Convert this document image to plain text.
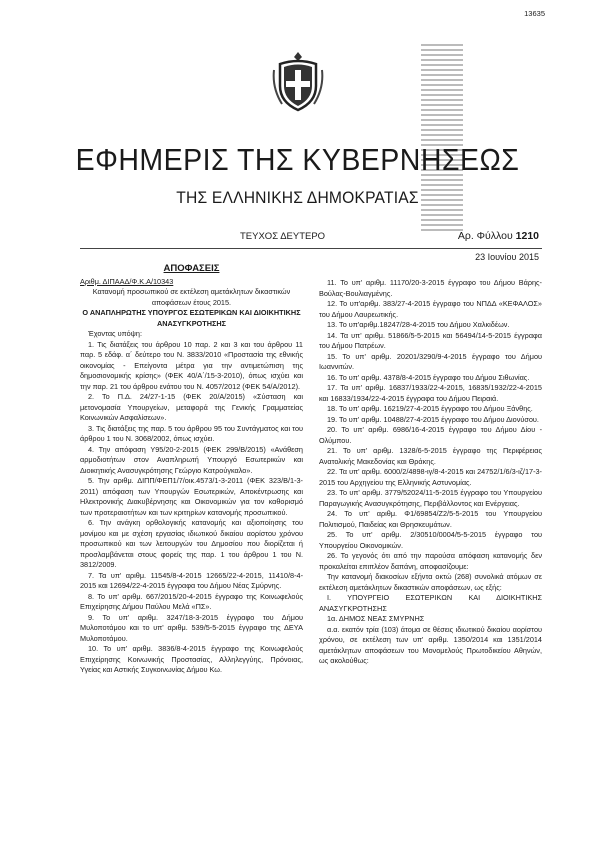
13635
ΕΦΗΜΕΡΙΣ ΤΗΣ ΚΥΒΕΡΝΗΣΕΩΣ
ΤΗΣ ΕΛΛΗΝΙΚΗΣ ΔΗΜΟΚΡΑΤΙΑΣ
ΤΕΥΧΟΣ ΔΕΥΤΕΡΟ	Αρ. Φύλλου 1210
23 Ιουνίου 2015

ΑΠΟΦΑΣΕΙΣ

Αριθμ. ΔΙΠΑΑΔ/Φ.Κ.Α/10343

Κατανομή προσωπικού σε εκτέλεση αμετάκλητων δικαστικών αποφάσεων έτους 2015.

Ο ΑΝΑΠΛΗΡΩΤΗΣ ΥΠΟΥΡΓΟΣ ΕΣΩΤΕΡΙΚΩΝ ΚΑΙ ΔΙΟΙΚΗΤΙΚΗΣ ΑΝΑΣΥΓΚΡΟΤΗΣΗΣ

Έχοντας υπόψη:

1. Τις διατάξεις του άρθρου 10 παρ. 2 και 3 και του άρθρου 11 παρ. 5 εδάφ. α΄ δεύτερο του Ν. 3833/2010 «Προστασία της εθνικής οικονομίας - Επείγοντα μέτρα για την αντιμετώπιση της δημοσιονομικής κρίσης» (ΦΕΚ 40/Α΄/15-3-2010), όπως ισχύει και την παρ. 21 του άρθρου ενάτου του Ν. 4057/2012 (ΦΕΚ 54/Α/2012).

2. Το Π.Δ. 24/27-1-15 (ΦΕΚ 20/Α/2015) «Σύσταση και μετονομασία Υπουργείων, μεταφορά της Γενικής Γραμματείας Κοινωνικών Ασφαλίσεων».

3. Τις διατάξεις της παρ. 5 του άρθρου 95 του Συντάγματος και του άρθρου 1 του Ν. 3068/2002, όπως ισχύει.

4. Την απόφαση Υ95/20-2-2015 (ΦΕΚ 299/Β/2015) «Ανάθεση αρμοδιοτήτων στον Αναπληρωτή Υπουργό Εσωτερικών και Διοικητικής Ανασυγκρότησης Γεώργιο Κατρούγκαλο».

5. Την αριθμ. ΔΙΠΠ/ΦΕΠ1/7/οικ.4573/1-3-2011 (ΦΕΚ 323/Β/1-3-2011) απόφαση των Υπουργών Εσωτερικών, Αποκέντρωσης και Ηλεκτρονικής Διακυβέρνησης και Οικονομικών για τον καθορισμό των προτεραιοτήτων και των κριτηρίων κατανομής προσωπικού.

6. Την ανάγκη ορθολογικής κατανομής και αξιοποίησης του μονίμου και με σχέση εργασίας ιδιωτικού δικαίου αορίστου χρόνου προσωπικού και των λειτουργών του Δημοσίου που διορίζεται ή προσλαμβάνεται στους φορείς της παρ. 1 του άρθρου 1 του Ν. 3812/2009.

7. Τα υπ' αριθμ. 11545/8-4-2015 12665/22-4-2015, 11410/8-4-2015 και 12694/22-4-2015 έγγραφα του Δήμου Νέας Σμύρνης.

8. Το υπ' αριθμ. 667/2015/20-4-2015 έγγραφο της Κοινωφελούς Επιχείρησης Δήμου Παύλου Μελά «ΠΣ».

9. Το υπ' αριθμ. 3247/18-3-2015 έγγραφο του Δήμου Μυλοποτάμου και το υπ' αριθμ. 539/5-5-2015 έγγραφο της ΔΕΥΑ Μυλοποτάμου.

10. Το υπ' αριθμ. 3836/8-4-2015 έγγραφο της Κοινωφελούς Επιχείρησης Κοινωνικής Προστασίας, Αλληλεγγύης, Πρόνοιας, Υγείας και Αστικής Συγκοινωνίας Δήμου Κω.

11. Το υπ' αριθμ. 11170/20-3-2015 έγγραφο του Δήμου Βάρης-Βούλας-Βουλιαγμένης.

12. Το υπ'αριθμ. 383/27-4-2015 έγγραφο του ΝΠΔΔ «ΚΕΦΑΛΟΣ» του Δήμου Λαυρεωτικής.

13. Το υπ'αριθμ.18247/28-4-2015 του Δήμου Χαλκιδέων.

14. Τα υπ' αριθμ. 51866/5-5-2015 και 56494/14-5-2015 έγγραφα του Δήμου Πατρέων.

15. Το υπ' αριθμ. 20201/3290/9-4-2015 έγγραφο του Δήμου Ιωαννιτών.

16. Το υπ' αριθμ. 4378/8-4-2015 έγγραφο του Δήμου Σιθωνίας.

17. Τα υπ' αριθμ. 16837/1933/22-4-2015, 16835/1932/22-4-2015 και 16833/1934/22-4-2015 έγγραφα του Δήμου Πειραιά.

18. Το υπ' αριθμ. 16219/27-4-2015 έγγραφο του Δήμου Ξάνθης.

19. Το υπ' αριθμ. 10488/27-4-2015 έγγραφο του Δήμου Διονύσου.

20. Το υπ' αριθμ. 6986/16-4-2015 έγγραφο του Δήμου Δίου - Ολύμπου.

21. Το υπ' αριθμ. 1328/6-5-2015 έγγραφο της Περιφέρειας Ανατολικής Μακεδονίας και Θράκης.

22. Τα υπ' αριθμ. 6000/2/4898-ιγ/8-4-2015 και 24752/1/6/3-ιζ/17-3-2015 του Αρχηγείου της Ελληνικής Αστυνομίας.

23. Το υπ' αριθμ. 3779/52024/11-5-2015 έγγραφο του Υπουργείου Παραγωγικής Ανασυγκρότησης, Περιβάλλοντος και Ενέργειας.

24. Το υπ' αριθμ. Φ1/69854/Ζ2/5-5-2015 του Υπουργείου Πολιτισμού, Παιδείας και Θρησκευμάτων.

25. Το υπ' αριθμ. 2/30510/0004/5-5-2015 έγγραφο του Υπουργείου Οικονομικών.

26. Το γεγονός ότι από την παρούσα απόφαση κατανομής δεν προκαλείται επιπλέον δαπάνη, αποφασίζουμε:

Την κατανομή διακοσίων εξήντα οκτώ (268) συνολικά ατόμων σε εκτέλεση αμετάκλητων δικαστικών αποφάσεων, ως εξής:

Ι. ΥΠΟΥΡΓΕΙΟ ΕΣΩΤΕΡΙΚΩΝ ΚΑΙ ΔΙΟΙΚΗΤΙΚΗΣ ΑΝΑΣΥΓΚΡΟΤΗΣΗΣ

1α. ΔΗΜΟΣ ΝΕΑΣ ΣΜΥΡΝΗΣ

α.α. εκατόν τρία (103) άτομα σε θέσεις ιδιωτικού δικαίου αορίστου χρόνου, σε εκτέλεση των υπ' αριθμ. 1350/2014 και 1351/2014 αμετάκλητων αποφάσεων του Μονομελούς Πρωτοδικείου Αθηνών, ως ακολούθως:
